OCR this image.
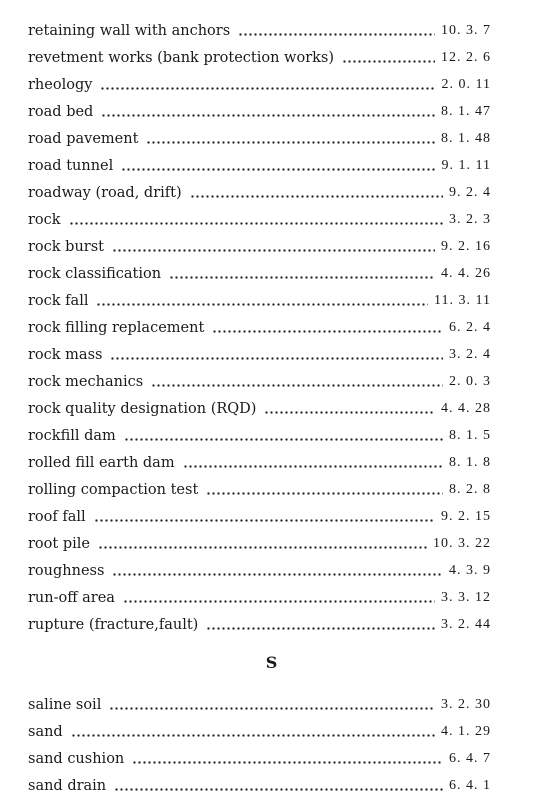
retaining wall with anchors	10. 3. 7
revetment works (bank protection works)	12. 2. 6
rheology	2. 0. 11
road bed	8. 1. 47
road pavement	8. 1. 48
road tunnel	9. 1. 11
roadway (road, drift)	9. 2. 4
rock	3. 2. 3
rock burst	9. 2. 16
rock classification	4. 4. 26
rock fall	11. 3. 11
rock filling replacement	6. 2. 4
rock mass	3. 2. 4
rock mechanics	2. 0. 3
rock quality designation (RQD)	4. 4. 28
rockfill dam	8. 1. 5
rolled fill earth dam	8. 1. 8
rolling compaction test	8. 2. 8
roof fall	9. 2. 15
root pile	10. 3. 22
roughness	4. 3. 9
run-off area	3. 3. 12
rupture (fracture,fault)	3. 2. 44
S
saline soil	3. 2. 30
sand	4. 1. 29
sand cushion	6. 4. 7
sand drain	6. 4. 1
